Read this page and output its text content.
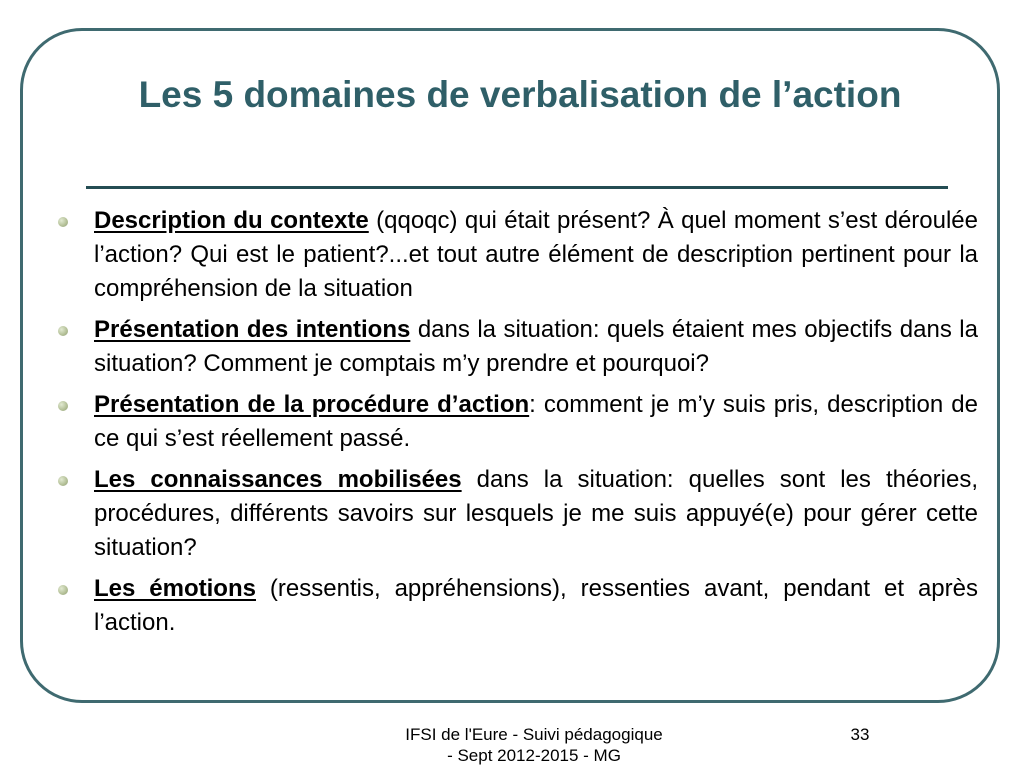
Les 5 domaines de verbalisation de l’action
Description du contexte (qqoqc) qui était présent? À quel moment s’est déroulée l’action? Qui est le patient?...et tout autre élément de description pertinent pour la compréhension de la situation
Présentation des intentions dans la situation: quels étaient mes objectifs dans la situation? Comment je comptais m’y prendre et pourquoi?
Présentation de la procédure d’action: comment je m’y suis pris, description de ce qui s’est réellement passé.
Les connaissances mobilisées dans la situation: quelles sont les théories, procédures, différents savoirs sur lesquels je me suis appuyé(e) pour gérer cette situation?
Les émotions (ressentis, appréhensions), ressenties avant, pendant et après l’action.
IFSI de l'Eure - Suivi pédagogique
- Sept 2012-2015 - MG
33
